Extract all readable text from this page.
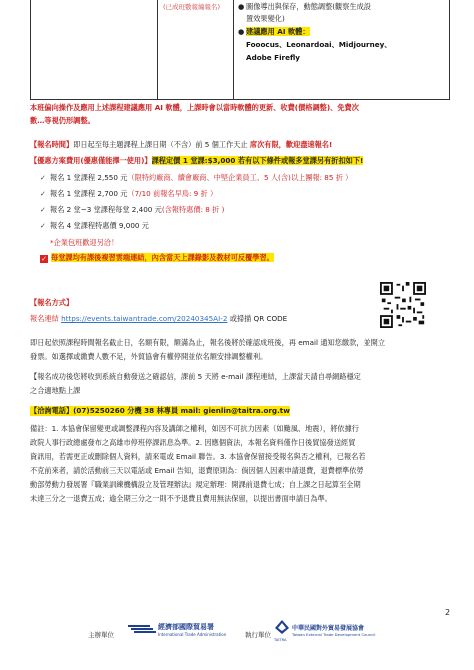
(已成班數報編報名) ● 圖像導出與保存，動態調整(觀察生成設
置效果變化)
● 建議應用 AI 軟體：
Fooocus、Leonardoai、Midjourney、
Adobe Firefly
本班偏向操作及應用上述課程建議應用 AI 軟體，上課時會以當時軟體的更新、收費(價格調整)、免費次
數…等視仍形調整。
【報名時間】即日起至每主題課程上課日期（不含）前 5 個工作天止 席次有限，歡迎盡速報名!
【優惠方案費用(優惠僅能擇一使用)】課程定價 1 堂課:$3,000 若有以下條件或報多堂課另有折扣如下!
✓ 報名 1 堂課程 2,550 元（限特約廠商、續會廠商、中堅企業員工、5 人(含)以上團報: 85 折 ）
✓ 報名 1 堂課程 2,700 元（7/10 前報名早鳥: 9 折 ）
✓ 報名 2 堂~3 堂課程每堂 2,400 元(含報特惠價: 8 折 )
✓ 報名 4 堂課程特惠價 9,000 元
*企業包班歡迎另洽！
✓ 每堂課均有課後複習雲端連結，內含當天上課錄影及教材可反覆學習。
【報名方式】
報名連結 https://events.taiwantrade.com/20240345AI-2 或掃描 QR CODE
即日起依照課程時間報名截止日，名額有限，額滿為止，報名後將於確認成班後，再 email 通知您繳款，並開立
發票。如選擇或繳費人數不足，外貿協會有權停開並依名額安排調整權利。
【報名成功後您將收到系統自動發送之確認信，課前 5 天將 e-mail 課程連結，上課當天請自尋網路穩定
之合適地點上課
【洽詢電話】(07)5250260 分機 38 林專員 mail: gienlin@taitra.org.tw
備註：1. 本協會保留變更或調整課程內容及講師之權利，如因不可抗力因素（如颱風、地震），將依據行
政院人事行政總處發布之高雄市停班停課訊息為準。2. 因應個資法，本報名資料僅作日後貿協發送經貿
資訊用，若需更正或刪除個人資料，請來電或 Email 聯告。3. 本協會保留接受報名與否之權利，已報名若
不克前來者，請於活動前三天以電話或 Email 告知，退費原則為：倘因個人因素申請退費，退費標準依勞
動部勞動力發展署『職業訓練機構設立及管理辦法』規定辦理：開課前退費七成；自上課之日起算至全期
未達三分之一退費五成；逾全期三分之一則不予退費且費用無法保留，以提出書面申請日為準。
2
主辦單位
經濟部國際貿易署
International Trade Administration	執行單位
TAITRA
中華民國對外貿易發展協會
Taiwan External Trade Development Council
